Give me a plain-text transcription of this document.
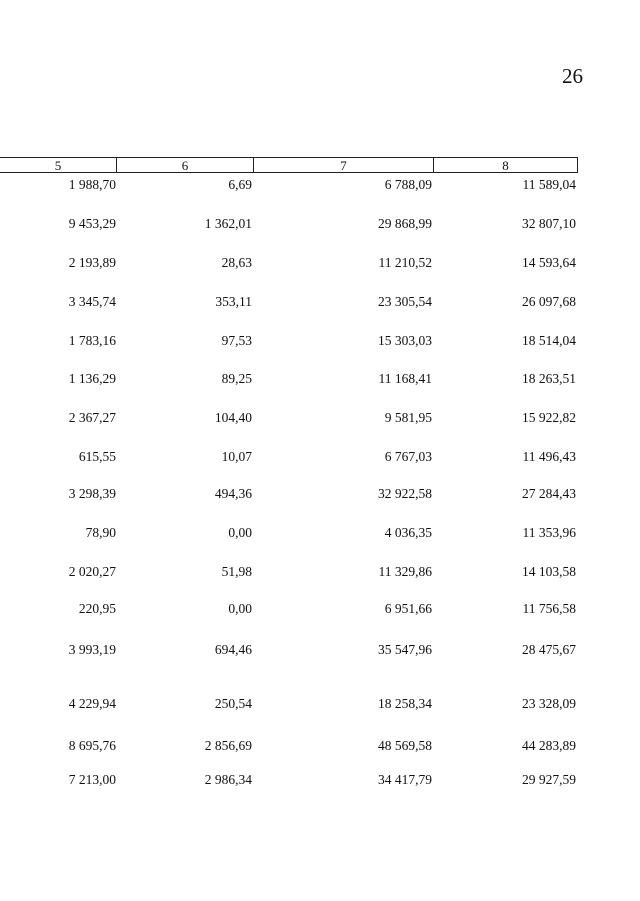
26
5	6	7	8
1 988,70	6,69	6 788,09	11 589,04
9 453,29	1 362,01	29 868,99	32 807,10
2 193,89	28,63	11 210,52	14 593,64
3 345,74	353,11	23 305,54	26 097,68
1 783,16	97,53	15 303,03	18 514,04
1 136,29	89,25	11 168,41	18 263,51
2 367,27	104,40	9 581,95	15 922,82
615,55	10,07	6 767,03	11 496,43
3 298,39	494,36	32 922,58	27 284,43
78,90	0,00	4 036,35	11 353,96
2 020,27	51,98	11 329,86	14 103,58
220,95	0,00	6 951,66	11 756,58
3 993,19	694,46	35 547,96	28 475,67
4 229,94	250,54	18 258,34	23 328,09
8 695,76	2 856,69	48 569,58	44 283,89
7 213,00	2 986,34	34 417,79	29 927,59
